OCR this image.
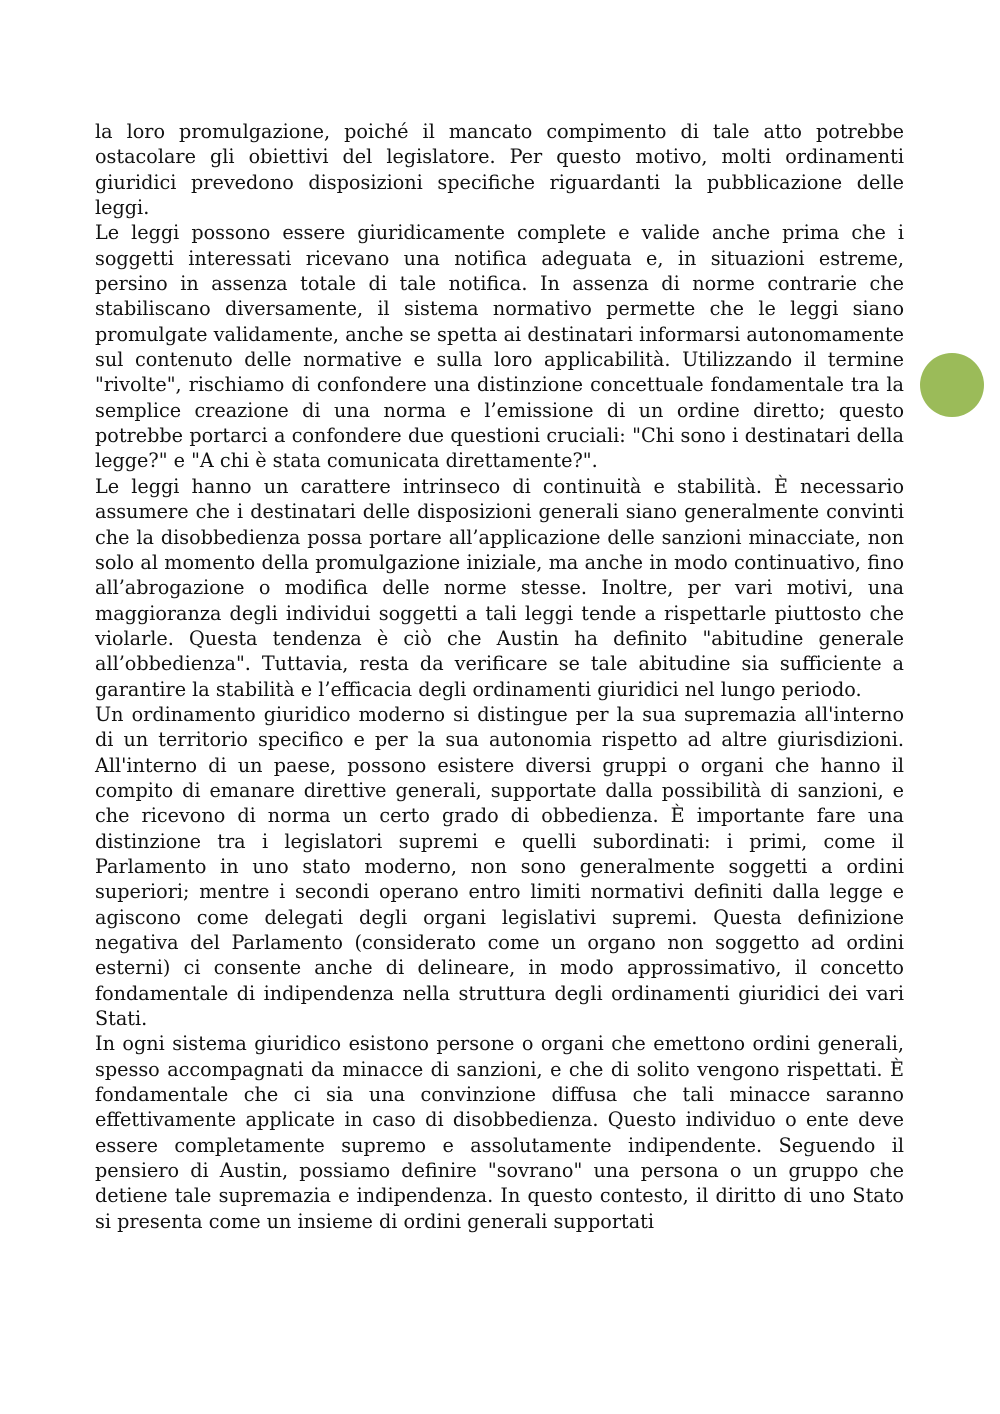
la loro promulgazione, poiché il mancato compimento di tale atto potrebbe ostacolare gli obiettivi del legislatore. Per questo motivo, molti ordinamenti giuridici prevedono disposizioni specifiche riguardanti la pubblicazione delle leggi.

Le leggi possono essere giuridicamente complete e valide anche prima che i soggetti interessati ricevano una notifica adeguata e, in situazioni estreme, persino in assenza totale di tale notifica. In assenza di norme contrarie che stabiliscano diversamente, il sistema normativo permette che le leggi siano promulgate validamente, anche se spetta ai destinatari informarsi autonomamente sul contenuto delle normative e sulla loro applicabilità. Utilizzando il termine "rivolte", rischiamo di confondere una distinzione concettuale fondamentale tra la semplice creazione di una norma e l’emissione di un ordine diretto; questo potrebbe portarci a confondere due questioni cruciali: "Chi sono i destinatari della legge?" e "A chi è stata comunicata direttamente?".

Le leggi hanno un carattere intrinseco di continuità e stabilità. È necessario assumere che i destinatari delle disposizioni generali siano generalmente convinti che la disobbedienza possa portare all’applicazione delle sanzioni minacciate, non solo al momento della promulgazione iniziale, ma anche in modo continuativo, fino all’abrogazione o modifica delle norme stesse. Inoltre, per vari motivi, una maggioranza degli individui soggetti a tali leggi tende a rispettarle piuttosto che violarle. Questa tendenza è ciò che Austin ha definito "abitudine generale all’obbedienza". Tuttavia, resta da verificare se tale abitudine sia sufficiente a garantire la stabilità e l’efficacia degli ordinamenti giuridici nel lungo periodo.

Un ordinamento giuridico moderno si distingue per la sua supremazia all'interno di un territorio specifico e per la sua autonomia rispetto ad altre giurisdizioni. All'interno di un paese, possono esistere diversi gruppi o organi che hanno il compito di emanare direttive generali, supportate dalla possibilità di sanzioni, e che ricevono di norma un certo grado di obbedienza. È importante fare una distinzione tra i legislatori supremi e quelli subordinati: i primi, come il Parlamento in uno stato moderno, non sono generalmente soggetti a ordini superiori; mentre i secondi operano entro limiti normativi definiti dalla legge e agiscono come delegati degli organi legislativi supremi. Questa definizione negativa del Parlamento (considerato come un organo non soggetto ad ordini esterni) ci consente anche di delineare, in modo approssimativo, il concetto fondamentale di indipendenza nella struttura degli ordinamenti giuridici dei vari Stati.

In ogni sistema giuridico esistono persone o organi che emettono ordini generali, spesso accompagnati da minacce di sanzioni, e che di solito vengono rispettati. È fondamentale che ci sia una convinzione diffusa che tali minacce saranno effettivamente applicate in caso di disobbedienza. Questo individuo o ente deve essere completamente supremo e assolutamente indipendente. Seguendo il pensiero di Austin, possiamo definire "sovrano" una persona o un gruppo che detiene tale supremazia e indipendenza. In questo contesto, il diritto di uno Stato si presenta come un insieme di ordini generali supportati
